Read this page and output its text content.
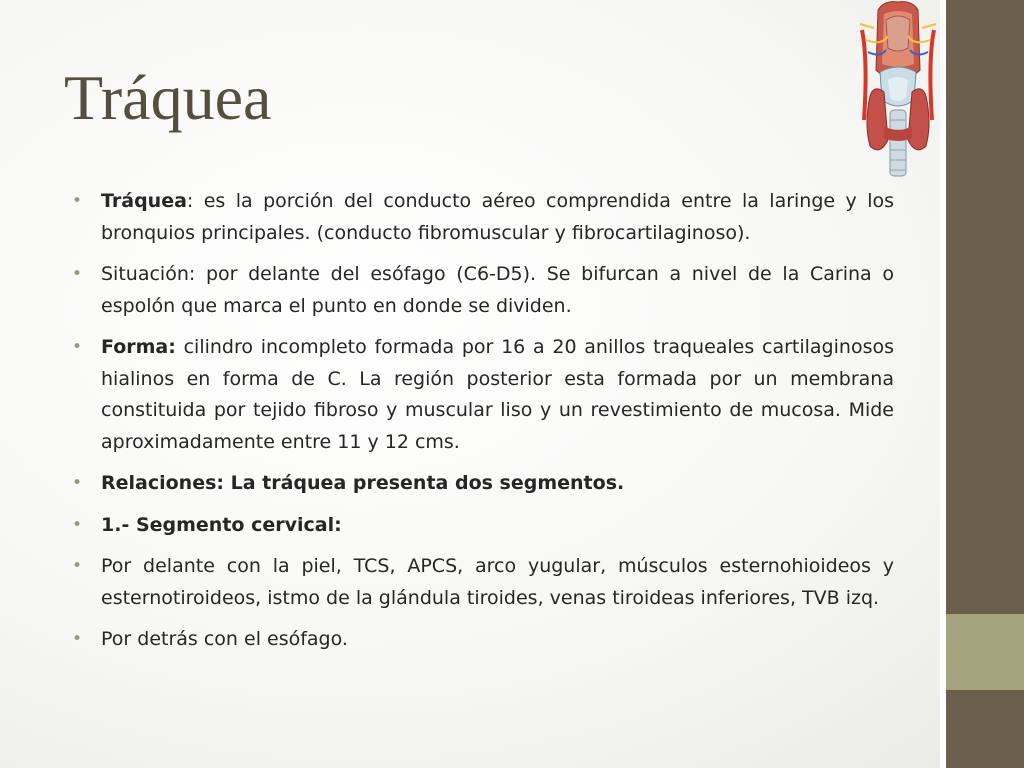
Tráquea
• Tráquea: es la porción del conducto aéreo comprendida entre la laringe y los bronquios principales. (conducto fibromuscular y fibrocartilaginoso).
• Situación: por delante del esófago (C6-D5). Se bifurcan a nivel de la Carina o espolón que marca el punto en donde se dividen.
• Forma: cilindro incompleto formada por 16 a 20 anillos traqueales cartilaginosos hialinos en forma de C. La región posterior esta formada por un membrana constituida por tejido fibroso y muscular liso y un revestimiento de mucosa. Mide aproximadamente entre 11 y 12 cms.
• Relaciones: La tráquea presenta dos segmentos.
• 1.- Segmento cervical:
• Por delante con la piel, TCS, APCS, arco yugular, músculos esternohioideos y esternotiroideos, istmo de la glándula tiroides, venas tiroideas inferiores, TVB izq.
• Por detrás con el esófago.
